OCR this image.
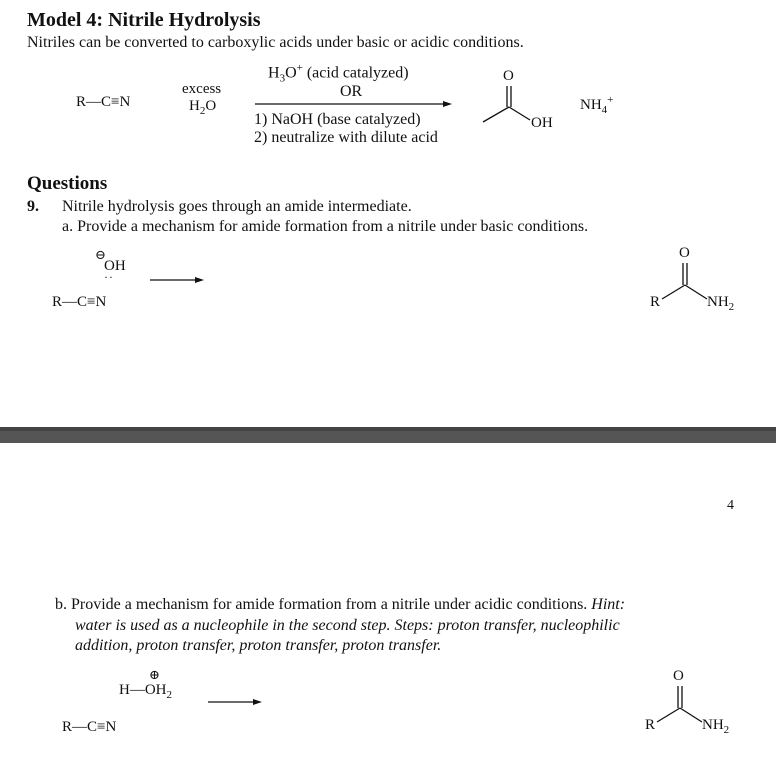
Model 4: Nitrile Hydrolysis
Nitriles can be converted to carboxylic acids under basic or acidic conditions.
R—C≡N
excess
$H_2O$
$H_3O^+$ (acid catalyzed)
OR
1) NaOH (base catalyzed)
2) neutralize with dilute acid
O
OH
$NH_4^+$
Questions
9. Nitrile hydrolysis goes through an amide intermediate.
a. Provide a mechanism for amide formation from a nitrile under basic conditions.
⊖
OH
··
R—C≡N
O
R	$NH_2$
4
b. Provide a mechanism for amide formation from a nitrile under acidic conditions. Hint:
water is used as a nucleophile in the second step. Steps: proton transfer, nucleophilic
addition, proton transfer, proton transfer, proton transfer.
⊕
$H—OH_2$
R—C≡N
O
R	$NH_2$
